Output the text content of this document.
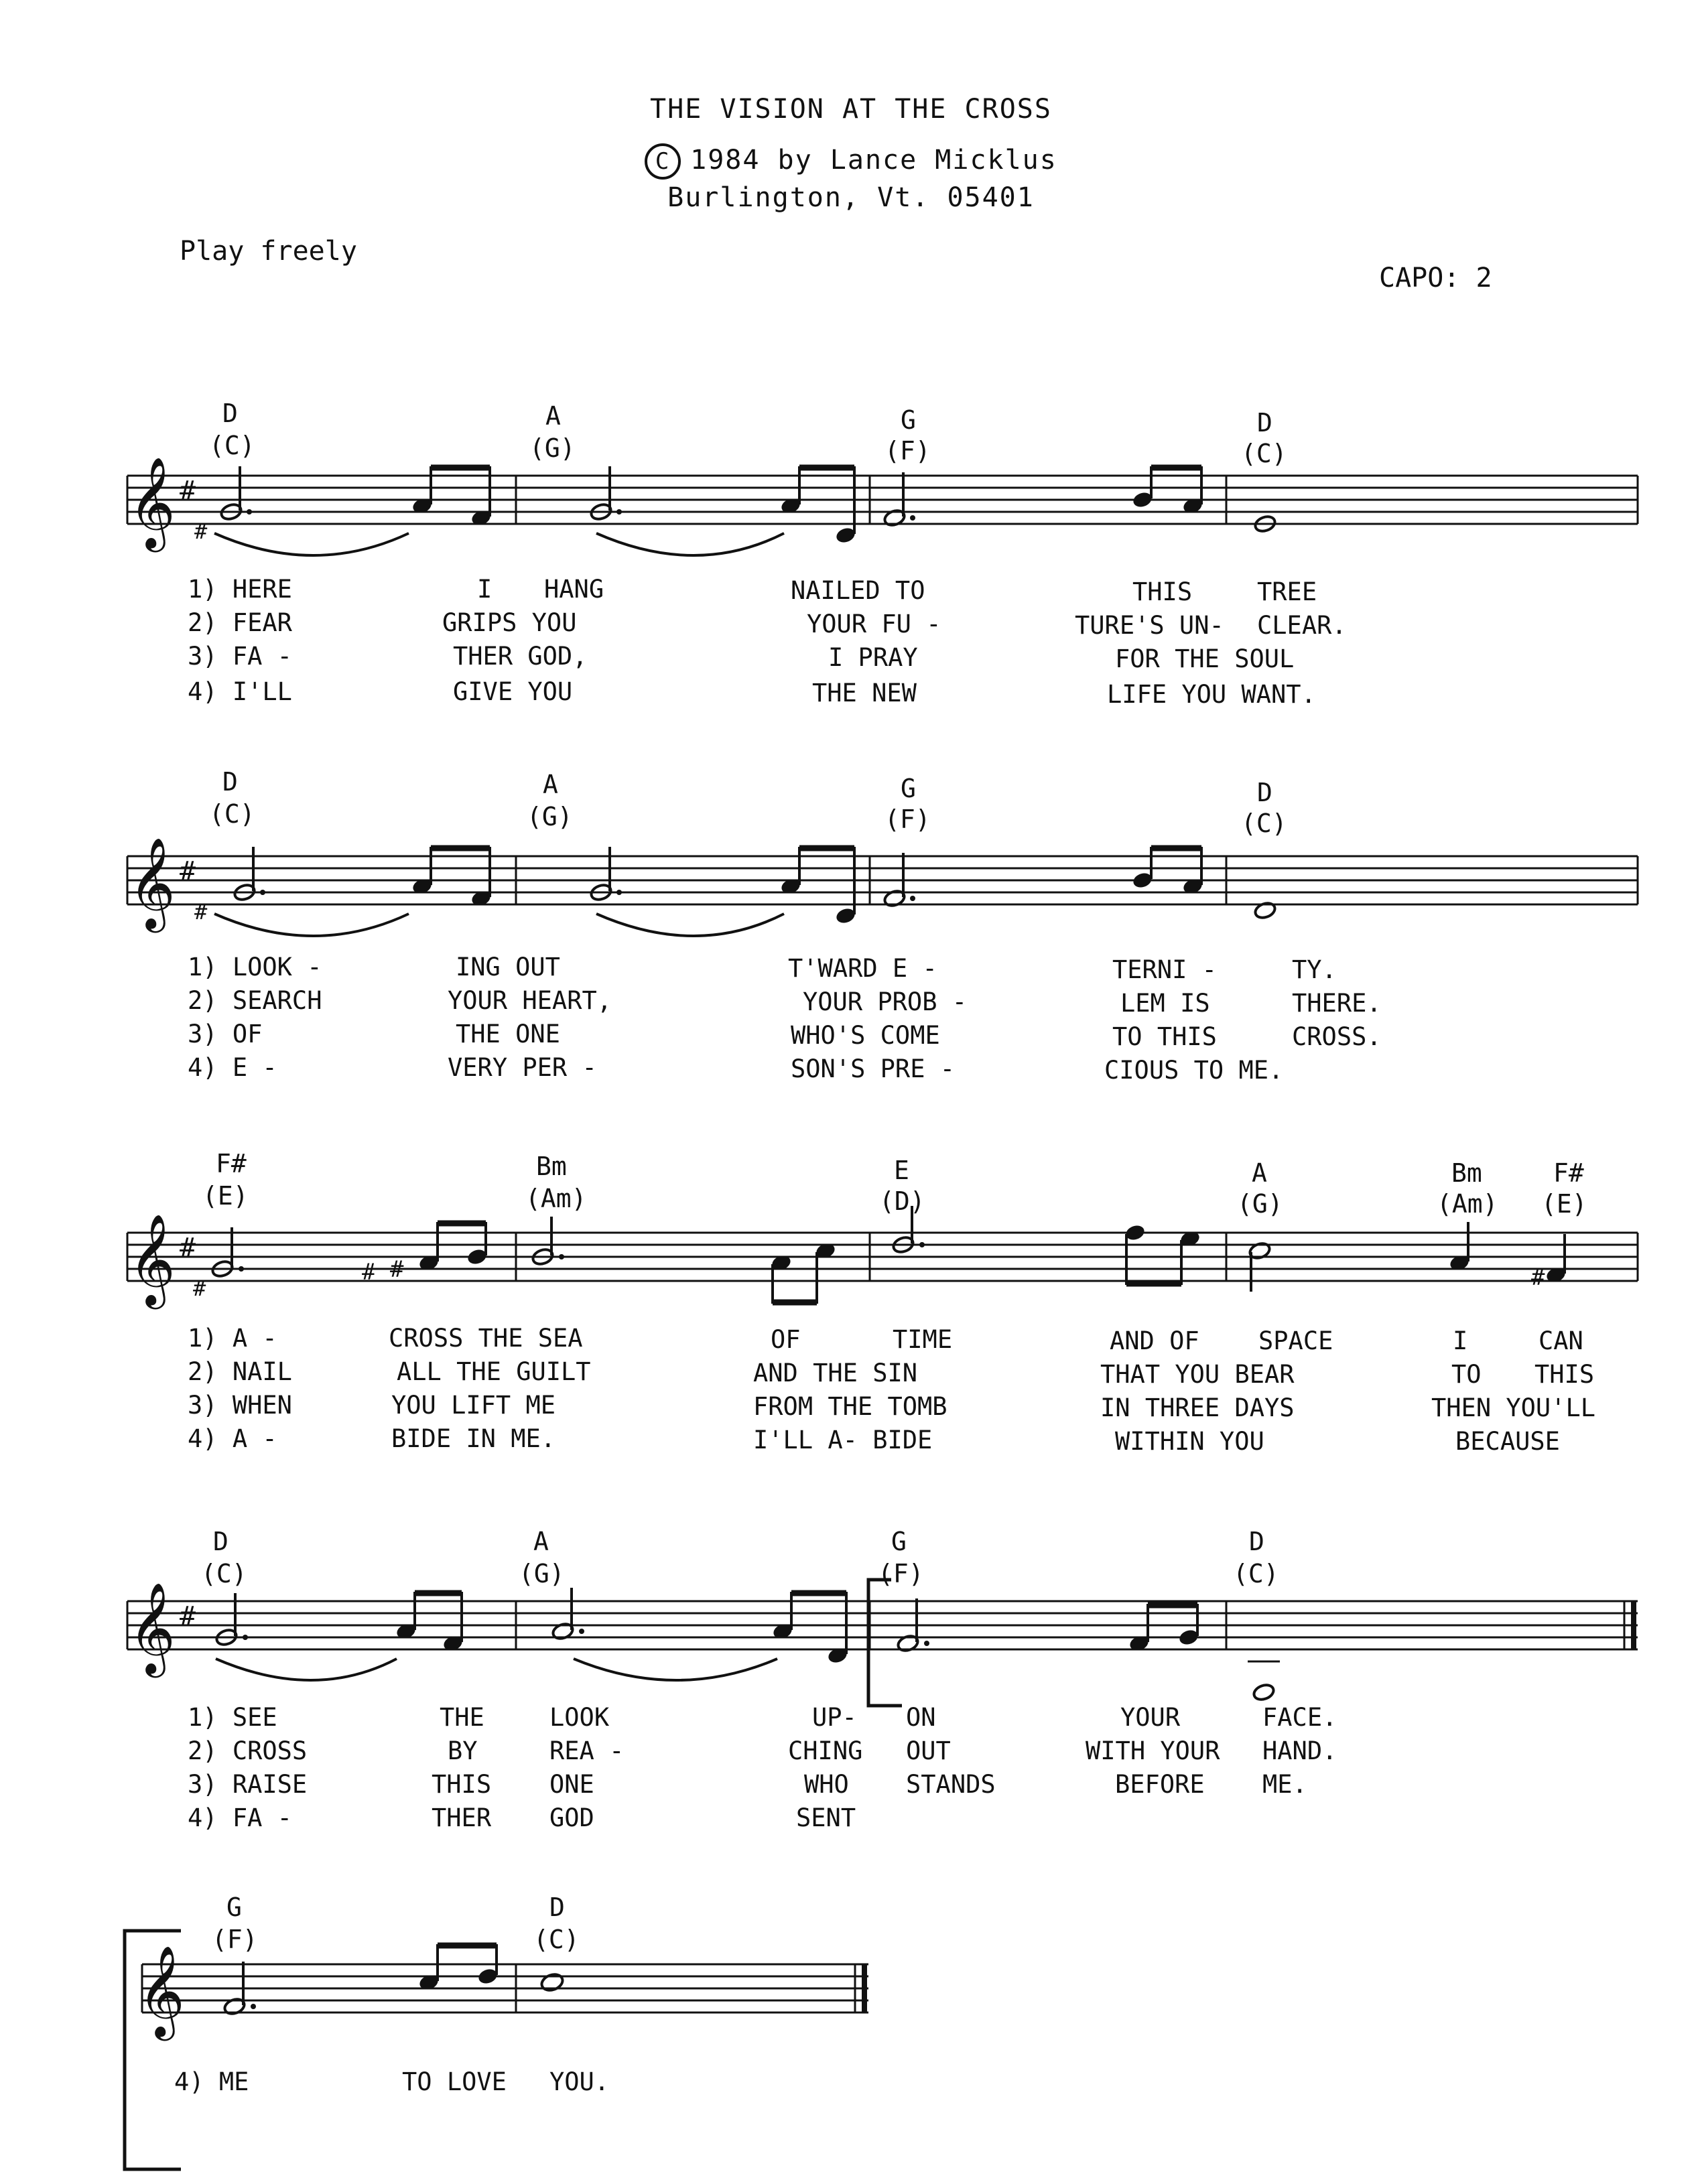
THE VISION AT THE CROSS
C 1984 by Lance Micklus
Burlington, Vt. 05401
Play freely
CAPO: 2
𝄞 #
#
D
(C)
A
(G)
G
(F)
D
(C)
1) HERE	I HANG	NAILED TO	THIS	TREE
2) FEAR	GRIPS YOU	YOUR FU -	TURE'S UN- CLEAR.
3) FA -	THER GOD,	I PRAY	FOR THE SOUL
4) I'LL	GIVE YOU	THE NEW	LIFE YOU WANT.
𝄞 #
#
D
(C)
A
(G)
G
(F)
D
(C)
1) LOOK -	ING OUT	T'WARD E -	TERNI -	TY.
2) SEARCH	YOUR HEART,	YOUR PROB -	LEM IS	THERE.
3) OF	THE ONE	WHO'S COME	TO THIS	CROSS.
4) E -	VERY PER -	SON'S PRE -	CIOUS TO ME.
𝄞 #
#
# #	#
F#
(E)
Bm
(Am)
E
(D)
A
(G)
Bm
(Am)
F#
(E)
1) A -	CROSS THE SEA	OF	TIME	AND OF SPACE	I	CAN
2) NAIL	ALL THE GUILT	AND THE SIN	THAT YOU BEAR	TO THIS
3) WHEN	YOU LIFT ME	FROM THE TOMB	IN THREE DAYS	THEN YOU'LL
4) A -	BIDE IN ME.	I'LL A- BIDE	WITHIN YOU	BECAUSE
𝄞 #
D
(C)
A
(G)
G
(F)
D
(C)
1) SEE	THE	LOOK	UP- ON	YOUR	FACE.
2) CROSS	BY	REA -	CHING OUT	WITH YOUR HAND.
3) RAISE	THIS ONE	WHO STANDS	BEFORE ME.
4) FA -	THER GOD	SENT
𝄞
G
(F)
D
(C)
4) ME	TO LOVE YOU.
